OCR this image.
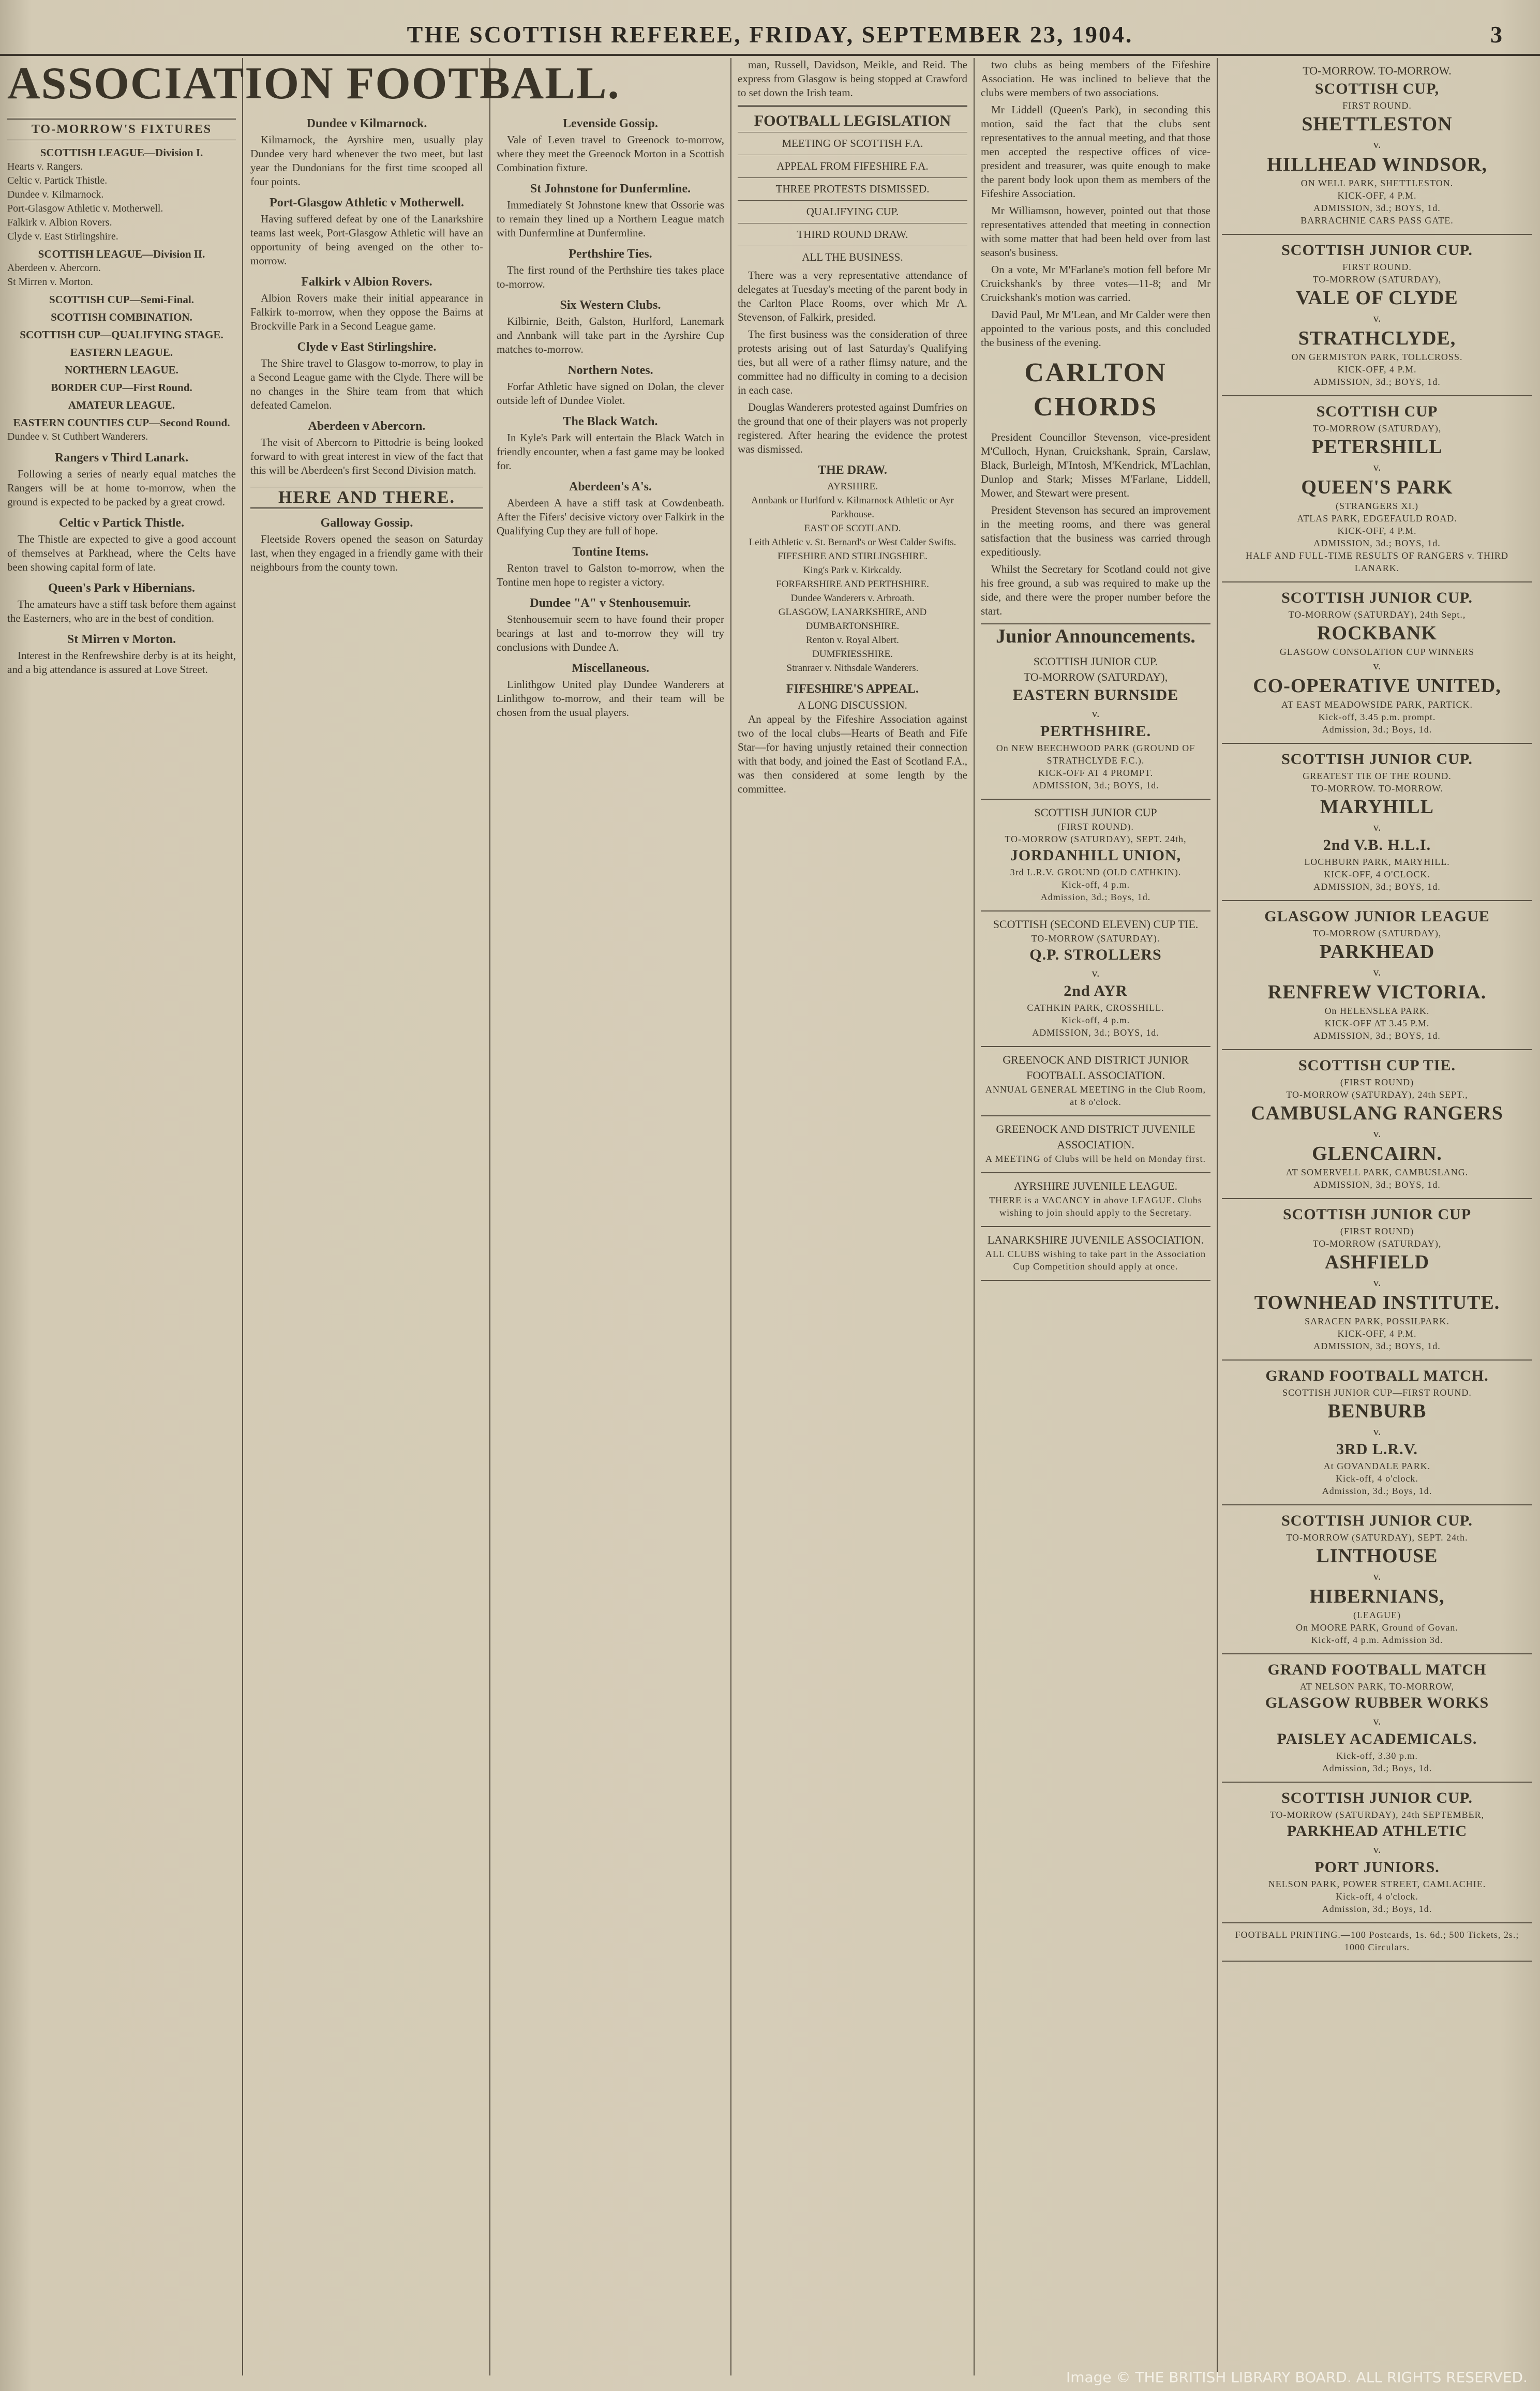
THE SCOTTISH REFEREE, FRIDAY, SEPTEMBER 23, 1904.	3
ASSOCIATION FOOTBALL.
TO-MORROW'S FIXTURES
SCOTTISH LEAGUE—Division I.
Hearts v. Rangers.
Celtic v. Partick Thistle.
Dundee v. Kilmarnock.
Port-Glasgow Athletic v. Motherwell.
Falkirk v. Albion Rovers.
Clyde v. East Stirlingshire.
SCOTTISH LEAGUE—Division II.
Aberdeen v. Abercorn.
St Mirren v. Morton.
SCOTTISH CUP—Semi-Final.
SCOTTISH COMBINATION.
SCOTTISH CUP—QUALIFYING STAGE.
EASTERN LEAGUE.
NORTHERN LEAGUE.
BORDER CUP—First Round.
AMATEUR LEAGUE.
EASTERN COUNTIES CUP—Second Round.
Dundee v. St Cuthbert Wanderers.
Rangers v Third Lanark.

Following a series of nearly equal matches the Rangers will be at home to-morrow, when the ground is expected to be packed by a great crowd.

Celtic v Partick Thistle.

The Thistle are expected to give a good account of themselves at Parkhead, where the Celts have been showing capital form of late.

Queen's Park v Hibernians.

The amateurs have a stiff task before them against the Easterners, who are in the best of condition.

St Mirren v Morton.

Interest in the Renfrewshire derby is at its height, and a big attendance is assured at Love Street.

Dundee v Kilmarnock.

Kilmarnock, the Ayrshire men, usually play Dundee very hard whenever the two meet, but last year the Dundonians for the first time scooped all four points.

Port-Glasgow Athletic v Motherwell.

Having suffered defeat by one of the Lanarkshire teams last week, Port-Glasgow Athletic will have an opportunity of being avenged on the other to-morrow.

Falkirk v Albion Rovers.

Albion Rovers make their initial appearance in Falkirk to-morrow, when they oppose the Bairns at Brockville Park in a Second League game.

Clyde v East Stirlingshire.

The Shire travel to Glasgow to-morrow, to play in a Second League game with the Clyde. There will be no changes in the Shire team from that which defeated Camelon.

Aberdeen v Abercorn.

The visit of Abercorn to Pittodrie is being looked forward to with great interest in view of the fact that this will be Aberdeen's first Second Division match.

HERE AND THERE.
Galloway Gossip.

Fleetside Rovers opened the season on Saturday last, when they engaged in a friendly game with their neighbours from the county town.

Levenside Gossip.

Vale of Leven travel to Greenock to-morrow, where they meet the Greenock Morton in a Scottish Combination fixture.

St Johnstone for Dunfermline.

Immediately St Johnstone knew that Ossorie was to remain they lined up a Northern League match with Dunfermline at Dunfermline.

Perthshire Ties.

The first round of the Perthshire ties takes place to-morrow.

Six Western Clubs.

Kilbirnie, Beith, Galston, Hurlford, Lanemark and Annbank will take part in the Ayrshire Cup matches to-morrow.

Northern Notes.

Forfar Athletic have signed on Dolan, the clever outside left of Dundee Violet.

The Black Watch.

In Kyle's Park will entertain the Black Watch in friendly encounter, when a fast game may be looked for.

Aberdeen's A's.

Aberdeen A have a stiff task at Cowdenbeath. After the Fifers' decisive victory over Falkirk in the Qualifying Cup they are full of hope.

Tontine Items.

Renton travel to Galston to-morrow, when the Tontine men hope to register a victory.

Dundee "A" v Stenhousemuir.

Stenhousemuir seem to have found their proper bearings at last and to-morrow they will try conclusions with Dundee A.

Miscellaneous.

Linlithgow United play Dundee Wanderers at Linlithgow to-morrow, and their team will be chosen from the usual players.

man, Russell, Davidson, Meikle, and Reid. The express from Glasgow is being stopped at Crawford to set down the Irish team.

FOOTBALL LEGISLATION
MEETING OF SCOTTISH F.A.
APPEAL FROM FIFESHIRE F.A.
THREE PROTESTS DISMISSED.
QUALIFYING CUP.
THIRD ROUND DRAW.
ALL THE BUSINESS.

There was a very representative attendance of delegates at Tuesday's meeting of the parent body in the Carlton Place Rooms, over which Mr A. Stevenson, of Falkirk, presided.

The first business was the consideration of three protests arising out of last Saturday's Qualifying ties, but all were of a rather flimsy nature, and the committee had no difficulty in coming to a decision in each case.

Douglas Wanderers protested against Dumfries on the ground that one of their players was not properly registered. After hearing the evidence the protest was dismissed.

THE DRAW.
AYRSHIRE.
Annbank or Hurlford v. Kilmarnock Athletic or Ayr Parkhouse.
EAST OF SCOTLAND.
Leith Athletic v. St. Bernard's or West Calder Swifts.
FIFESHIRE AND STIRLINGSHIRE.
King's Park v. Kirkcaldy.
FORFARSHIRE AND PERTHSHIRE.
Dundee Wanderers v. Arbroath.
GLASGOW, LANARKSHIRE, AND DUMBARTONSHIRE.
Renton v. Royal Albert.
DUMFRIESSHIRE.
Stranraer v. Nithsdale Wanderers.
FIFESHIRE'S APPEAL.
A LONG DISCUSSION.

An appeal by the Fifeshire Association against two of the local clubs—Hearts of Beath and Fife Star—for having unjustly retained their connection with that body, and joined the East of Scotland F.A., was then considered at some length by the committee.

two clubs as being members of the Fifeshire Association. He was inclined to believe that the clubs were members of two associations.

Mr Liddell (Queen's Park), in seconding this motion, said the fact that the clubs sent representatives to the annual meeting, and that those men accepted the respective offices of vice-president and treasurer, was quite enough to make the parent body look upon them as members of the Fifeshire Association.

Mr Williamson, however, pointed out that those representatives attended that meeting in connection with some matter that had been held over from last season's business.

On a vote, Mr M'Farlane's motion fell before Mr Cruickshank's by three votes—11-8; and Mr Cruickshank's motion was carried.

David Paul, Mr M'Lean, and Mr Calder were then appointed to the various posts, and this concluded the business of the evening.

CARLTON CHORDS

President Councillor Stevenson, vice-president M'Culloch, Hynan, Cruickshank, Sprain, Carslaw, Black, Burleigh, M'Intosh, M'Kendrick, M'Lachlan, Dunlop and Stark; Misses M'Farlane, Liddell, Mower, and Stewart were present.

President Stevenson has secured an improvement in the meeting rooms, and there was general satisfaction that the business was carried through expeditiously.

Whilst the Secretary for Scotland could not give his free ground, a sub was required to make up the side, and there were the proper number before the start.

Junior Announcements.
SCOTTISH JUNIOR CUP.
TO-MORROW (SATURDAY),
EASTERN BURNSIDE
v.
PERTHSHIRE.
On NEW BEECHWOOD PARK (GROUND OF STRATHCLYDE F.C.).
KICK-OFF AT 4 PROMPT.
ADMISSION, 3d.; BOYS, 1d.
SCOTTISH JUNIOR CUP
(FIRST ROUND).
TO-MORROW (SATURDAY), SEPT. 24th,
JORDANHILL UNION,
3rd L.R.V. GROUND (OLD CATHKIN).
Kick-off, 4 p.m.
Admission, 3d.; Boys, 1d.
SCOTTISH (SECOND ELEVEN) CUP TIE.
TO-MORROW (SATURDAY).
Q.P. STROLLERS
v.
2nd AYR
CATHKIN PARK, CROSSHILL.
Kick-off, 4 p.m.
ADMISSION, 3d.; BOYS, 1d.
GREENOCK AND DISTRICT JUNIOR FOOTBALL ASSOCIATION.
ANNUAL GENERAL MEETING in the Club Room, at 8 o'clock.
GREENOCK AND DISTRICT JUVENILE ASSOCIATION.
A MEETING of Clubs will be held on Monday first.
AYRSHIRE JUVENILE LEAGUE.
THERE is a VACANCY in above LEAGUE. Clubs wishing to join should apply to the Secretary.
LANARKSHIRE JUVENILE ASSOCIATION.
ALL CLUBS wishing to take part in the Association Cup Competition should apply at once.
TO-MORROW. TO-MORROW.
SCOTTISH CUP,
FIRST ROUND.
SHETTLESTON
v.
HILLHEAD WINDSOR,
ON WELL PARK, SHETTLESTON.
KICK-OFF, 4 P.M.
ADMISSION, 3d.; BOYS, 1d.
BARRACHNIE CARS PASS GATE.
SCOTTISH JUNIOR CUP.
FIRST ROUND.
TO-MORROW (SATURDAY),
VALE OF CLYDE
v.
STRATHCLYDE,
ON GERMISTON PARK, TOLLCROSS.
KICK-OFF, 4 P.M.
ADMISSION, 3d.; BOYS, 1d.
SCOTTISH CUP
TO-MORROW (SATURDAY),
PETERSHILL
v.
QUEEN'S PARK
(STRANGERS XI.)
ATLAS PARK, EDGEFAULD ROAD.
KICK-OFF, 4 P.M.
ADMISSION, 3d.; BOYS, 1d.
HALF AND FULL-TIME RESULTS OF RANGERS v. THIRD LANARK.
SCOTTISH JUNIOR CUP.
TO-MORROW (SATURDAY), 24th Sept.,
ROCKBANK
GLASGOW CONSOLATION CUP WINNERS
v.
CO-OPERATIVE UNITED,
AT EAST MEADOWSIDE PARK, PARTICK.
Kick-off, 3.45 p.m. prompt.
Admission, 3d.; Boys, 1d.
SCOTTISH JUNIOR CUP.
GREATEST TIE OF THE ROUND.
TO-MORROW. TO-MORROW.
MARYHILL
v.
2nd V.B. H.L.I.
LOCHBURN PARK, MARYHILL.
KICK-OFF, 4 O'CLOCK.
ADMISSION, 3d.; BOYS, 1d.
GLASGOW JUNIOR LEAGUE
TO-MORROW (SATURDAY),
PARKHEAD
v.
RENFREW VICTORIA.
On HELENSLEA PARK.
KICK-OFF AT 3.45 P.M.
ADMISSION, 3d.; BOYS, 1d.
SCOTTISH CUP TIE.
(FIRST ROUND)
TO-MORROW (SATURDAY), 24th SEPT.,
CAMBUSLANG RANGERS
v.
GLENCAIRN.
AT SOMERVELL PARK, CAMBUSLANG.
ADMISSION, 3d.; BOYS, 1d.
SCOTTISH JUNIOR CUP
(FIRST ROUND)
TO-MORROW (SATURDAY),
ASHFIELD
v.
TOWNHEAD INSTITUTE.
SARACEN PARK, POSSILPARK.
KICK-OFF, 4 P.M.
ADMISSION, 3d.; BOYS, 1d.
GRAND FOOTBALL MATCH.
SCOTTISH JUNIOR CUP—FIRST ROUND.
BENBURB
v.
3RD L.R.V.
At GOVANDALE PARK.
Kick-off, 4 o'clock.
Admission, 3d.; Boys, 1d.
SCOTTISH JUNIOR CUP.
TO-MORROW (SATURDAY), SEPT. 24th.
LINTHOUSE
v.
HIBERNIANS,
(LEAGUE)
On MOORE PARK, Ground of Govan.
Kick-off, 4 p.m. Admission 3d.
GRAND FOOTBALL MATCH
AT NELSON PARK, TO-MORROW,
GLASGOW RUBBER WORKS
v.
PAISLEY ACADEMICALS.
Kick-off, 3.30 p.m.
Admission, 3d.; Boys, 1d.
SCOTTISH JUNIOR CUP.
TO-MORROW (SATURDAY), 24th SEPTEMBER,
PARKHEAD ATHLETIC
v.
PORT JUNIORS.
NELSON PARK, POWER STREET, CAMLACHIE.
Kick-off, 4 o'clock.
Admission, 3d.; Boys, 1d.
FOOTBALL PRINTING.—100 Postcards, 1s. 6d.; 500 Tickets, 2s.; 1000 Circulars.
Image © THE BRITISH LIBRARY BOARD. ALL RIGHTS RESERVED.
